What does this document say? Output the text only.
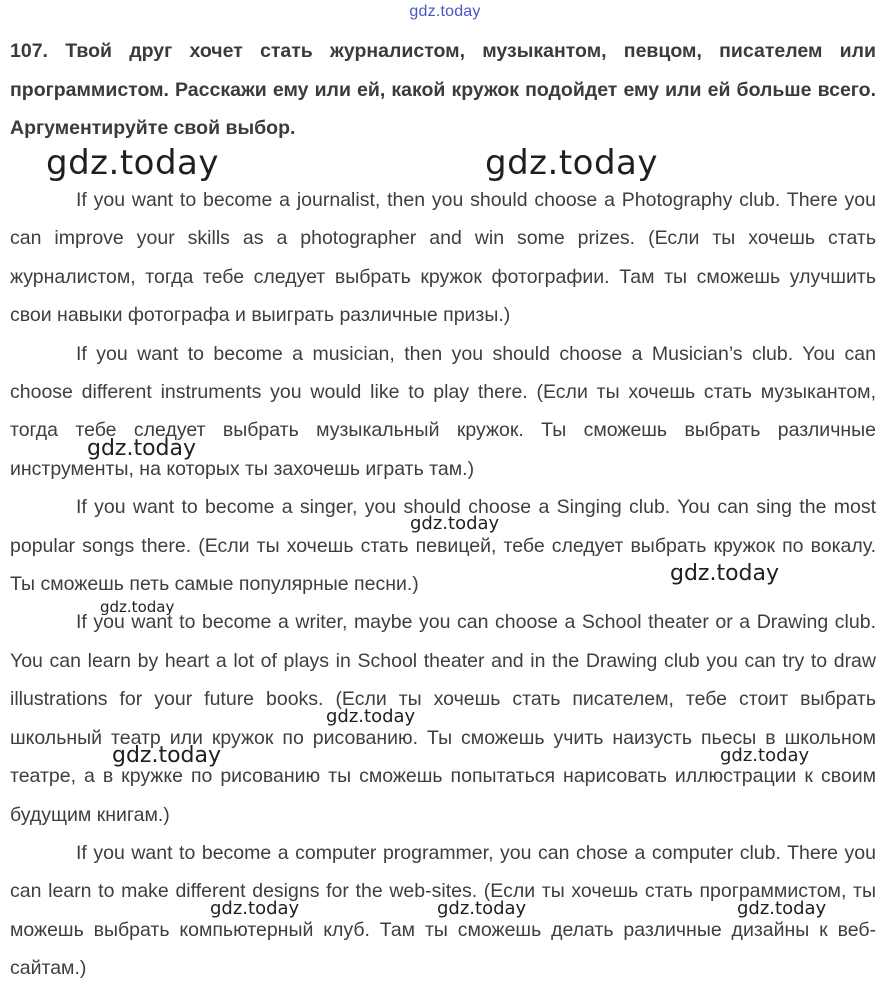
gdz.today
107. Твой друг хочет стать журналистом, музыкантом, певцом, писателем или программистом. Расскажи ему или ей, какой кружок подойдет ему или ей больше всего. Аргументируйте свой выбор.

If you want to become a journalist, then you should choose a Photography club. There you can improve your skills as a photographer and win some prizes. (Если ты хочешь стать журналистом, тогда тебе следует выбрать кружок фотографии. Там ты сможешь улучшить свои навыки фотографа и выиграть различные призы.)

If you want to become a musician, then you should choose a Musician’s club. You can choose different instruments you would like to play there. (Если ты хочешь стать музыкантом, тогда тебе следует выбрать музыкальный кружок. Ты сможешь выбрать различные инструменты, на которых ты захочешь играть там.)

If you want to become a singer, you should choose a Singing club. You can sing the most popular songs there. (Если ты хочешь стать певицей, тебе следует выбрать кружок по вокалу. Ты сможешь петь самые популярные песни.)

If you want to become a writer, maybe you can choose a School theater or a Drawing club. You can learn by heart a lot of plays in School theater and in the Drawing club you can try to draw illustrations for your future books. (Если ты хочешь стать писателем, тебе стоит выбрать школьный театр или кружок по рисованию. Ты сможешь учить наизусть пьесы в школьном театре, а в кружке по рисованию ты сможешь попытаться нарисовать иллюстрации к своим будущим книгам.)

If you want to become a computer programmer, you can chose a computer club. There you can learn to make different designs for the web-sites. (Если ты хочешь стать программистом, ты можешь выбрать компьютерный клуб. Там ты сможешь делать различные дизайны к веб-сайтам.)

gdz.today	gdz.today
gdz.today
gdz.today
gdz.today
gdz.today
gdz.today
gdz.today	gdz.today
gdz.today	gdz.today	gdz.today
